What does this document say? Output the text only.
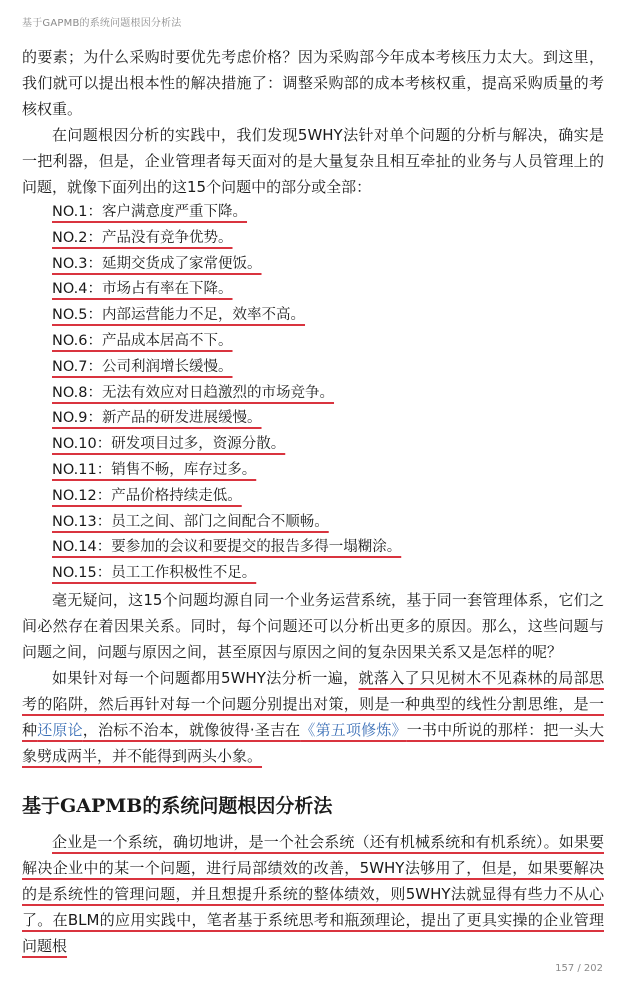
基于GAPMB的系统问题根因分析法

的要素；为什么采购时要优先考虑价格？因为采购部今年成本考核压力太大。到这里，我们就可以提出根本性的解决措施了：调整采购部的成本考核权重，提高采购质量的考核权重。

在问题根因分析的实践中，我们发现5WHY法针对单个问题的分析与解决，确实是一把利器，但是，企业管理者每天面对的是大量复杂且相互牵扯的业务与人员管理上的问题，就像下面列出的这15个问题中的部分或全部：

NO.1：客户满意度严重下降。
NO.2：产品没有竞争优势。
NO.3：延期交货成了家常便饭。
NO.4：市场占有率在下降。
NO.5：内部运营能力不足，效率不高。
NO.6：产品成本居高不下。
NO.7：公司利润增长缓慢。
NO.8：无法有效应对日趋激烈的市场竞争。
NO.9：新产品的研发进展缓慢。
NO.10：研发项目过多，资源分散。
NO.11：销售不畅，库存过多。
NO.12：产品价格持续走低。
NO.13：员工之间、部门之间配合不顺畅。
NO.14：要参加的会议和要提交的报告多得一塌糊涂。
NO.15：员工工作积极性不足。

毫无疑问，这15个问题均源自同一个业务运营系统，基于同一套管理体系，它们之间必然存在着因果关系。同时，每个问题还可以分析出更多的原因。那么，这些问题与问题之间，问题与原因之间，甚至原因与原因之间的复杂因果关系又是怎样的呢？

如果针对每一个问题都用5WHY法分析一遍，就落入了只见树木不见森林的局部思考的陷阱，然后再针对每一个问题分别提出对策，则是一种典型的线性分割思维，是一种还原论，治标不治本，就像彼得·圣吉在《第五项修炼》一书中所说的那样：把一头大象劈成两半，并不能得到两头小象。

基于GAPMB的系统问题根因分析法

企业是一个系统，确切地讲，是一个社会系统（还有机械系统和有机系统）。如果要解决企业中的某一个问题，进行局部绩效的改善，5WHY法够用了，但是，如果要解决的是系统性的管理问题，并且想提升系统的整体绩效，则5WHY法就显得有些力不从心了。在BLM的应用实践中，笔者基于系统思考和瓶颈理论，提出了更具实操的企业管理问题根

157 / 202
